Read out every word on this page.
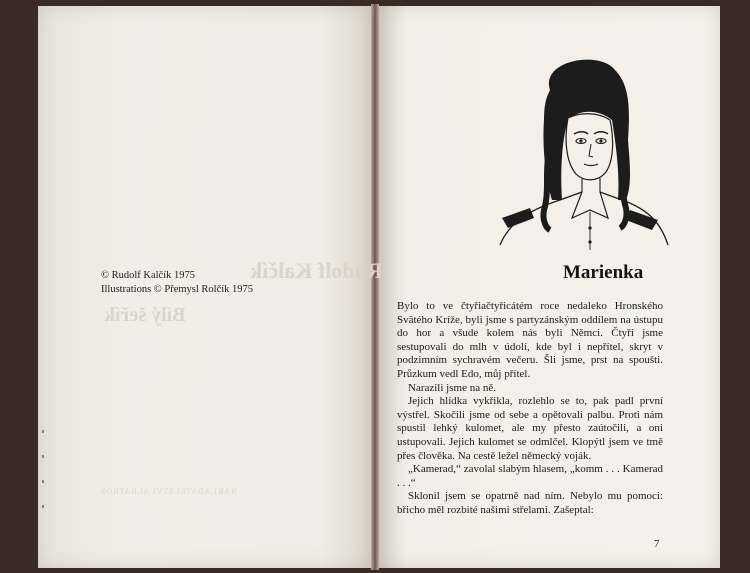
Rudolf Kalčík
Bílý šeřík
NAKLADATELSTVÍ ALBATROS
© Rudolf Kalčík 1975
Illustrations © Přemysl Rolčík 1975
Marienka

Bylo to ve čtyřiačtyřicátém roce nedaleko Hronského Svätého Kríže, byli jsme s partyzánským oddílem na ústupu do hor a všude kolem nás byli Němci. Čtyři jsme sestupovali do mlh v údolí, kde byl i nepřítel, skryt v podzimním sychravém večeru. Šli jsme, prst na spoušti. Průzkum vedl Edo, můj přítel.

Narazili jsme na ně.

Jejich hlídka vykřikla, rozlehlo se to, pak padl první výstřel. Skočili jsme od sebe a opětovali palbu. Proti nám spustil lehký kulomet, ale my přesto zaútočili, a oni ustupovali. Jejich kulomet se odmlčel. Klopýtl jsem ve tmě přes člověka. Na cestě ležel německý voják.

„Kamerad,“ zavolal slabým hlasem, „komm . . . Kamerad . . .“

Sklonil jsem se opatrně nad ním. Nebylo mu pomoci: břicho měl rozbité našimi střelami. Zašeptal:

7
